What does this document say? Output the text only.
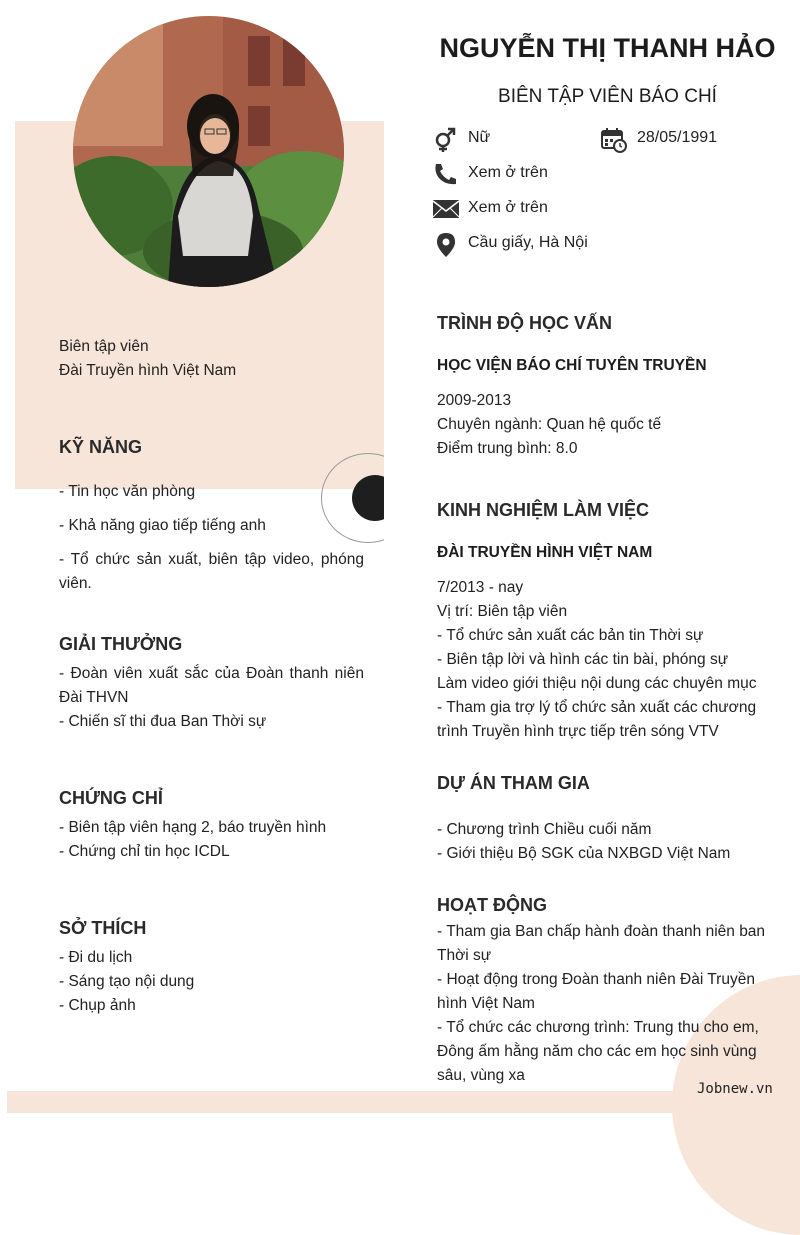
NGUYỄN THỊ THANH HẢO
BIÊN TẬP VIÊN BÁO CHÍ
Nữ	28/05/1991
Xem ở trên
Xem ở trên
Cầu giấy, Hà Nội
Biên tập viên
Đài Truyền hình Việt Nam
KỸ NĂNG
- Tin học văn phòng
- Khả năng giao tiếp tiếng anh
- Tổ chức sản xuất, biên tập video, phóng viên.
GIẢI THƯỞNG
- Đoàn viên xuất sắc của Đoàn thanh niên Đài THVN
- Chiến sĩ thi đua Ban Thời sự
CHỨNG CHỈ
- Biên tập viên hạng 2, báo truyền hình
- Chứng chỉ tin học ICDL
SỞ THÍCH
- Đi du lịch
- Sáng tạo nội dung
- Chụp ảnh
TRÌNH ĐỘ HỌC VẤN
HỌC VIỆN BÁO CHÍ TUYÊN TRUYỀN
2009-2013
Chuyên ngành: Quan hệ quốc tế
Điểm trung bình: 8.0
KINH NGHIỆM LÀM VIỆC
ĐÀI TRUYỀN HÌNH VIỆT NAM
7/2013 - nay
Vị trí: Biên tập viên
- Tổ chức sản xuất các bản tin Thời sự
- Biên tập lời và hình các tin bài, phóng sự
Làm video giới thiệu nội dung các chuyên mục
- Tham gia trợ lý tổ chức sản xuất các chương
trình Truyền hình trực tiếp trên sóng VTV
DỰ ÁN THAM GIA
- Chương trình Chiều cuối năm
- Giới thiệu Bộ SGK của NXBGD Việt Nam
HOẠT ĐỘNG
- Tham gia Ban chấp hành đoàn thanh niên ban
Thời sự
- Hoạt động trong Đoàn thanh niên Đài Truyền
hình Việt Nam
- Tổ chức các chương trình: Trung thu cho em,
Đông ấm hằng năm cho các em học sinh vùng
sâu, vùng xa
Jobnew.vn
